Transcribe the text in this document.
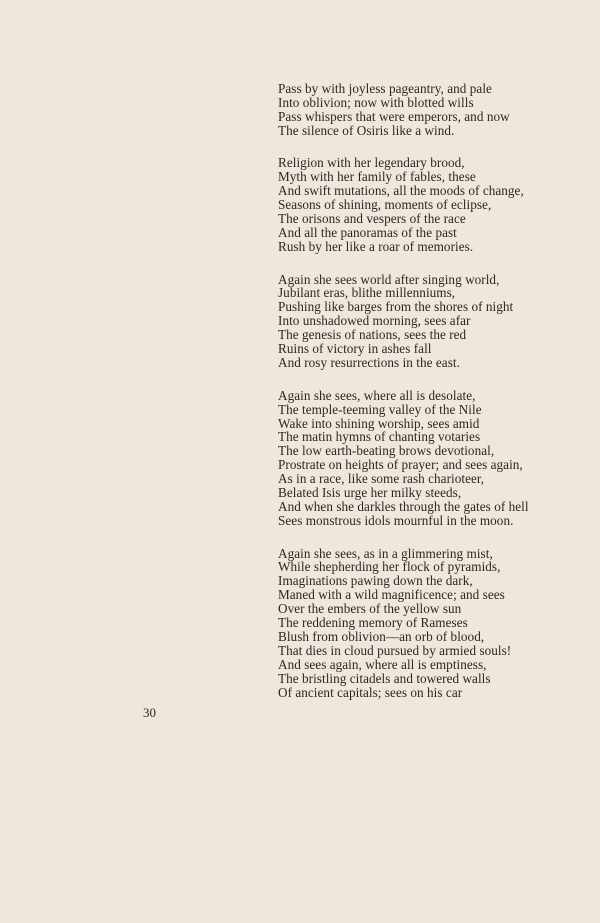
Pass by with joyless pageantry, and pale
Into oblivion; now with blotted wills
Pass whispers that were emperors, and now
The silence of Osiris like a wind.
Religion with her legendary brood,
Myth with her family of fables, these
And swift mutations, all the moods of change,
Seasons of shining, moments of eclipse,
The orisons and vespers of the race
And all the panoramas of the past
Rush by her like a roar of memories.
Again she sees world after singing world,
Jubilant eras, blithe millenniums,
Pushing like barges from the shores of night
Into unshadowed morning, sees afar
The genesis of nations, sees the red
Ruins of victory in ashes fall
And rosy resurrections in the east.
Again she sees, where all is desolate,
The temple-teeming valley of the Nile
Wake into shining worship, sees amid
The matin hymns of chanting votaries
The low earth-beating brows devotional,
Prostrate on heights of prayer; and sees again,
As in a race, like some rash charioteer,
Belated Isis urge her milky steeds,
And when she darkles through the gates of hell
Sees monstrous idols mournful in the moon.
Again she sees, as in a glimmering mist,
While shepherding her flock of pyramids,
Imaginations pawing down the dark,
Maned with a wild magnificence; and sees
Over the embers of the yellow sun
The reddening memory of Rameses
Blush from oblivion—an orb of blood,
That dies in cloud pursued by armied souls!
And sees again, where all is emptiness,
The bristling citadels and towered walls
Of ancient capitals; sees on his car
30
